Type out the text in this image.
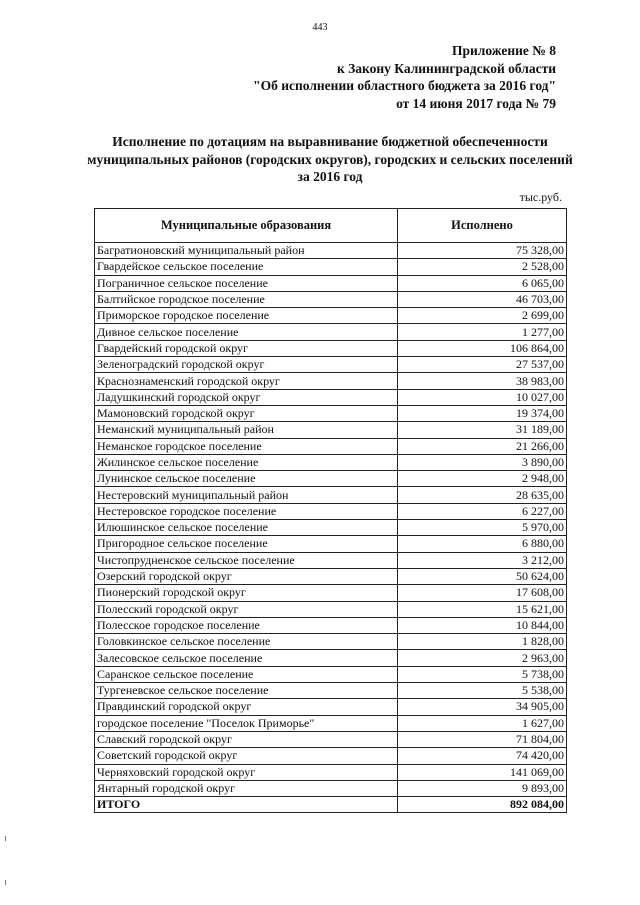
443
Приложение № 8
к Закону Калининградской области
"Об исполнении областного бюджета за 2016 год"
от 14 июня 2017 года № 79
Исполнение по дотациям на выравнивание бюджетной обеспеченности
муниципальных районов (городских округов), городских и сельских поселений
за 2016 год
тыс.руб.
Муниципальные образования	Исполнено
Багратионовский муниципальный район	75 328,00
Гвардейское сельское поселение	2 528,00
Пограничное сельское поселение	6 065,00
Балтийское городское поселение	46 703,00
Приморское городское поселение	2 699,00
Дивное сельское поселение	1 277,00
Гвардейский городской округ	106 864,00
Зеленоградский городской округ	27 537,00
Краснознаменский городской округ	38 983,00
Ладушкинский городской округ	10 027,00
Мамоновский городской округ	19 374,00
Неманский муниципальный район	31 189,00
Неманское городское поселение	21 266,00
Жилинское сельское поселение	3 890,00
Лунинское сельское поселение	2 948,00
Нестеровский муниципальный район	28 635,00
Нестеровское городское поселение	6 227,00
Илюшинское сельское поселение	5 970,00
Пригородное сельское поселение	6 880,00
Чистопрудненское сельское поселение	3 212,00
Озерский городской округ	50 624,00
Пионерский городской округ	17 608,00
Полесский городской округ	15 621,00
Полесское городское поселение	10 844,00
Головкинское сельское поселение	1 828,00
Залесовское сельское поселение	2 963,00
Саранское сельское поселение	5 738,00
Тургеневское сельское поселение	5 538,00
Правдинский городской округ	34 905,00
городское поселение "Поселок Приморье"	1 627,00
Славский городской округ	71 804,00
Советский городской округ	74 420,00
Черняховский городской округ	141 069,00
Янтарный городской округ	9 893,00
ИТОГО	892 084,00
